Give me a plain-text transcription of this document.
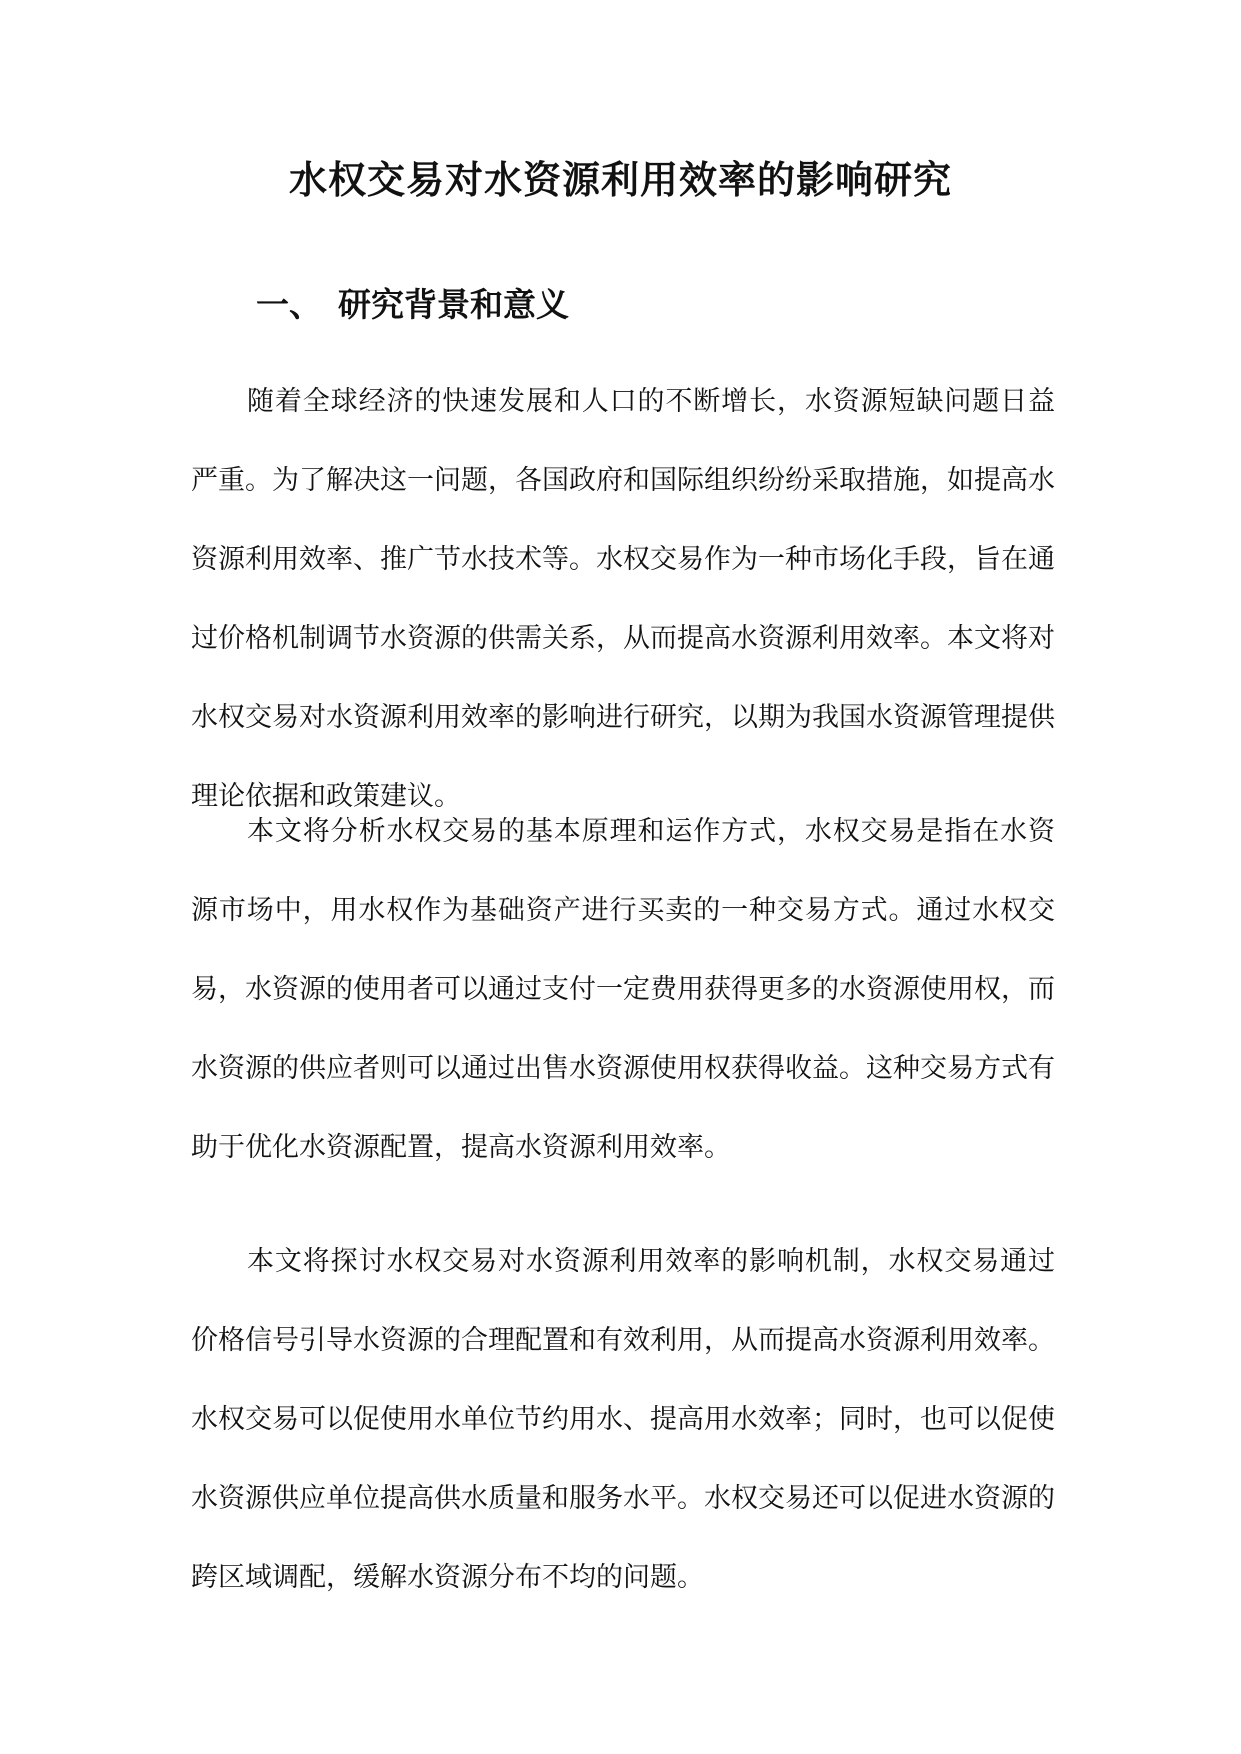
水权交易对水资源利用效率的影响研究
一、 研究背景和意义

随着全球经济的快速发展和人口的不断增长，水资源短缺问题日益严重。为了解决这一问题，各国政府和国际组织纷纷采取措施，如提高水资源利用效率、推广节水技术等。水权交易作为一种市场化手段，旨在通过价格机制调节水资源的供需关系，从而提高水资源利用效率。本文将对水权交易对水资源利用效率的影响进行研究，以期为我国水资源管理提供理论依据和政策建议。

本文将分析水权交易的基本原理和运作方式，水权交易是指在水资源市场中，用水权作为基础资产进行买卖的一种交易方式。通过水权交易，水资源的使用者可以通过支付一定费用获得更多的水资源使用权，而水资源的供应者则可以通过出售水资源使用权获得收益。这种交易方式有助于优化水资源配置，提高水资源利用效率。

本文将探讨水权交易对水资源利用效率的影响机制，水权交易通过价格信号引导水资源的合理配置和有效利用，从而提高水资源利用效率。水权交易可以促使用水单位节约用水、提高用水效率；同时，也可以促使水资源供应单位提高供水质量和服务水平。水权交易还可以促进水资源的跨区域调配，缓解水资源分布不均的问题。
